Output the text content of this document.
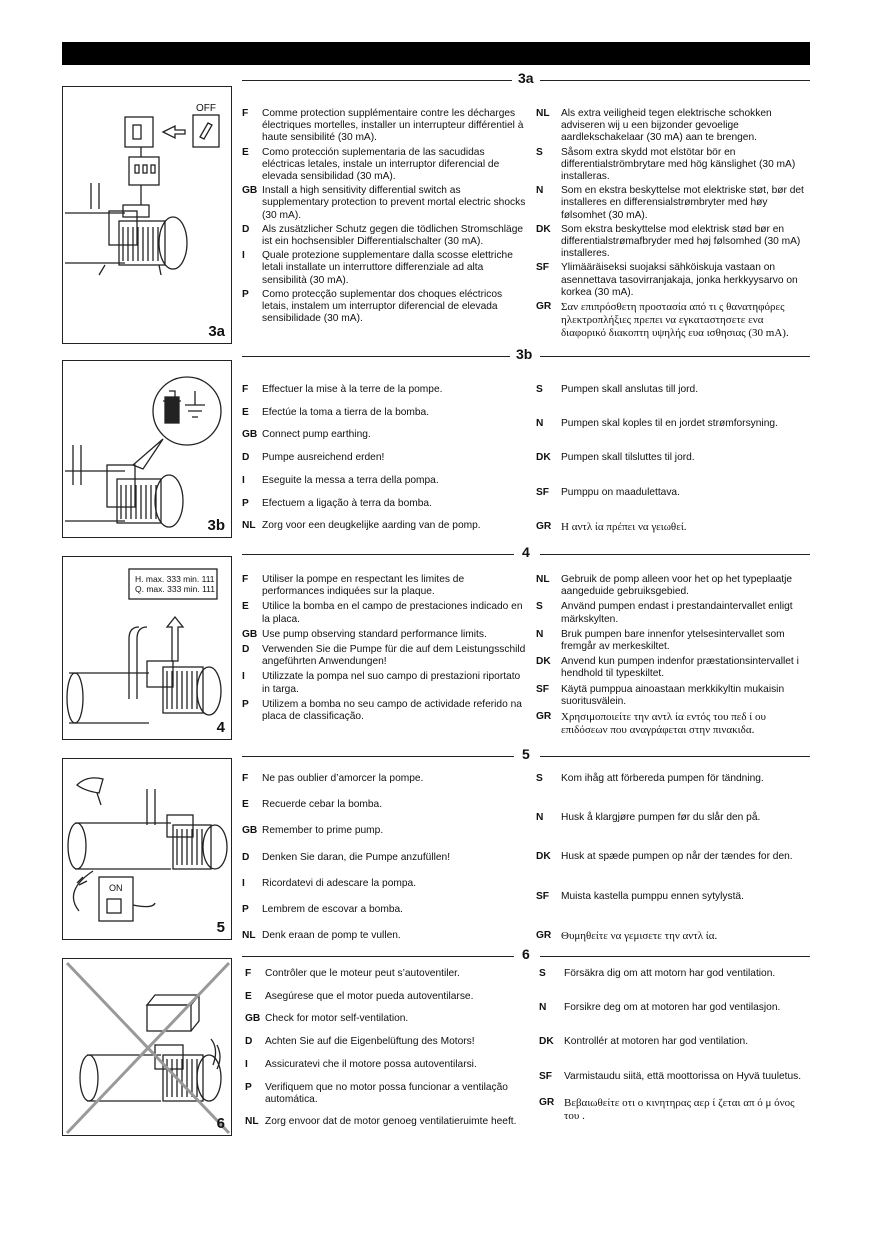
OFF
3a
3a
F Comme protection supplémentaire contre les décharges électriques mortelles, installer un interrupteur différentiel à haute sensibilité (30 mA).
E Como protección suplementaria de las sacudidas eléctricas letales, instale un interruptor diferencial de elevada sensibilidad (30 mA).
GB Install a high sensitivity differential switch as supplementary protection to prevent mortal electric shocks (30 mA).
D Als zusätzlicher Schutz gegen die tödlichen Stromschläge ist ein hochsensibler Differentialschalter (30 mA).
I Quale protezione supplementare dalla scosse elettriche letali installate un interruttore differenziale ad alta sensibilità (30 mA).
P Como protecção suplementar dos choques eléctricos letais, instalem um interruptor diferencial de elevada sensibilidade (30 mA).
NL Als extra veiligheid tegen elektrische schokken adviseren wij u een bijzonder gevoelige aardlekschakelaar (30 mA) aan te brengen.
S Såsom extra skydd mot elstötar bör en differentialströmbrytare med hög känslighet (30 mA) installeras.
N Som en ekstra beskyttelse mot elektriske støt, bør det installeres en differensialstrømbryter med høy følsomhet (30 mA).
DK Som ekstra beskyttelse mod elektrisk stød bør en differentialstrømafbryder med høj følsomhed (30 mA) installeres.
SF Ylimääräiseksi suojaksi sähköiskuja vastaan on asennettava tasovirranjakaja, jonka herkkyysarvo on korkea (30 mA).
GR Σαν επιπρόσθετη προστασία από τι ς θανατηφόρες ηλεκτροπλήξιες πρεπει να εγκαταστησετε ενα διαφορικό διακοπτη υψηλής ευα ισθησιας (30 mA).
3b
3b
F Effectuer la mise à la terre de la pompe.
E Efectúe la toma a tierra de la bomba.
GB Connect pump earthing.
D Pumpe ausreichend erden!
I Eseguite la messa a terra della pompa.
P Efectuem a ligação à terra da bomba.
NL Zorg voor een deugkelijke aarding van de pomp.
S Pumpen skall anslutas till jord.
N Pumpen skal koples til en jordet strømforsyning.
DK Pumpen skall tilsluttes til jord.
SF Pumppu on maadulettava.
GR Η αντλ ία πρέπει να γειωθεί.
H. max. 333 min. 111
Q. max. 333 min. 111
4
4
F Utiliser la pompe en respectant les limites de performances indiquées sur la plaque.
E Utilice la bomba en el campo de prestaciones indicado en la placa.
GB Use pump observing standard performance limits.
D Verwenden Sie die Pumpe für die auf dem Leistungsschild angeführten Anwendungen!
I Utilizzate la pompa nel suo campo di prestazioni riportato in targa.
P Utilizem a bomba no seu campo de actividade referido na placa de classificação.
NL Gebruik de pomp alleen voor het op het typeplaatje aangeduide gebruiksgebied.
S Använd pumpen endast i prestandaintervallet enligt märkskylten.
N Bruk pumpen bare innenfor ytelsesintervallet som fremgår av merkeskiltet.
DK Anvend kun pumpen indenfor præstationsintervallet i hendhold til typeskiltet.
SF Käytä pumppua ainoastaan merkkikyltin mukaisin suoritusvälein.
GR Χρησιμοποιείτε την αντλ ία εντός του πεδ ί ου επιδόσεων που αναγράφεται στην πινακιδα.
ON
5
5
F Ne pas oublier d’amorcer la pompe.
E Recuerde cebar la bomba.
GB Remember to prime pump.
D Denken Sie daran, die Pumpe anzufüllen!
I Ricordatevi di adescare la pompa.
P Lembrem de escovar a bomba.
NL Denk eraan de pomp te vullen.
S Kom ihåg att förbereda pumpen för tändning.
N Husk å klargjøre pumpen før du slår den på.
DK Husk at spæde pumpen op når der tændes for den.
SF Muista kastella pumppu ennen sytylystä.
GR Θυμηθείτε να γεμισετε την αντλ ία.
6
6
F Contrôler que le moteur peut s’autoventiler.
E Asegúrese que el motor pueda autoventilarse.
GB Check for motor self-ventilation.
D Achten Sie auf die Eigenbelüftung des Motors!
I Assicuratevi che il motore possa autoventilarsi.
P Verifiquem que no motor possa funcionar a ventilação automática.
NL Zorg envoor dat de motor genoeg ventilatieruimte heeft.
S Försäkra dig om att motorn har god ventilation.
N Forsikre deg om at motoren har god ventilasjon.
DK Kontrollér at motoren har god ventilation.
SF Varmistaudu siitä, että moottorissa on Hyvä tuuletus.
GR Βεβαιωθείτε οτι ο κινητηρας αερ ί ζεται απ ό μ όνος του .
